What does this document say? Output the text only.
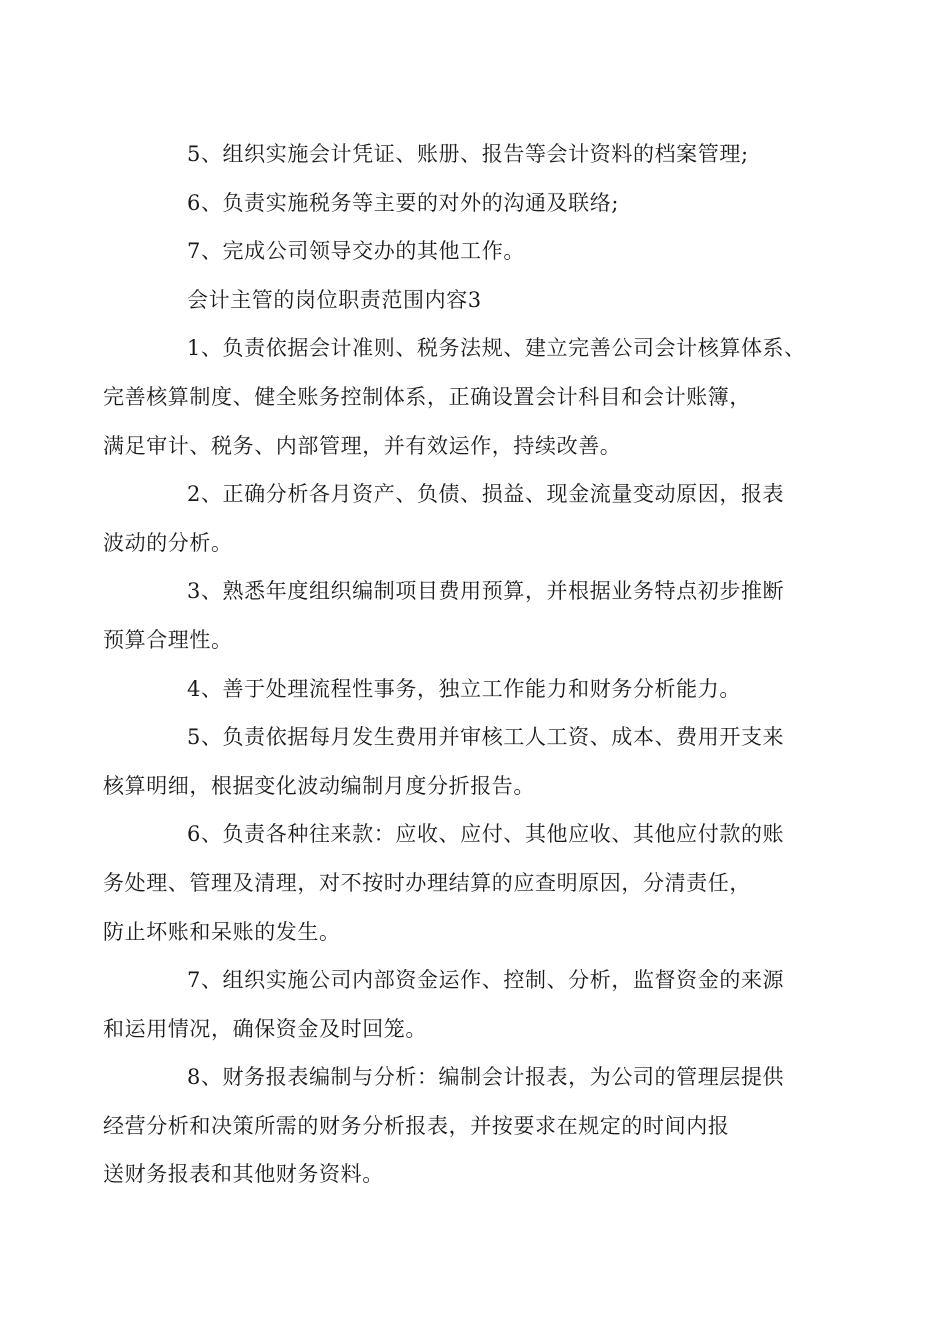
5、组织实施会计凭证、账册、报告等会计资料的档案管理;

6、负责实施税务等主要的对外的沟通及联络;

7、完成公司领导交办的其他工作。

会计主管的岗位职责范围内容3

1、负责依据会计准则、税务法规、建立完善公司会计核算体系、
完善核算制度、健全账务控制体系，正确设置会计科目和会计账簿，
满足审计、税务、内部管理，并有效运作，持续改善。

2、正确分析各月资产、负债、损益、现金流量变动原因，报表
波动的分析。

3、熟悉年度组织编制项目费用预算，并根据业务特点初步推断
预算合理性。

4、善于处理流程性事务，独立工作能力和财务分析能力。

5、负责依据每月发生费用并审核工人工资、成本、费用开支来
核算明细，根据变化波动编制月度分折报告。

6、负责各种往来款：应收、应付、其他应收、其他应付款的账
务处理、管理及清理，对不按时办理结算的应查明原因，分清责任，
防止坏账和呆账的发生。

7、组织实施公司内部资金运作、控制、分析，监督资金的来源
和运用情况，确保资金及时回笼。

8、财务报表编制与分析：编制会计报表，为公司的管理层提供
经营分析和决策所需的财务分析报表，并按要求在规定的时间内报
送财务报表和其他财务资料。
